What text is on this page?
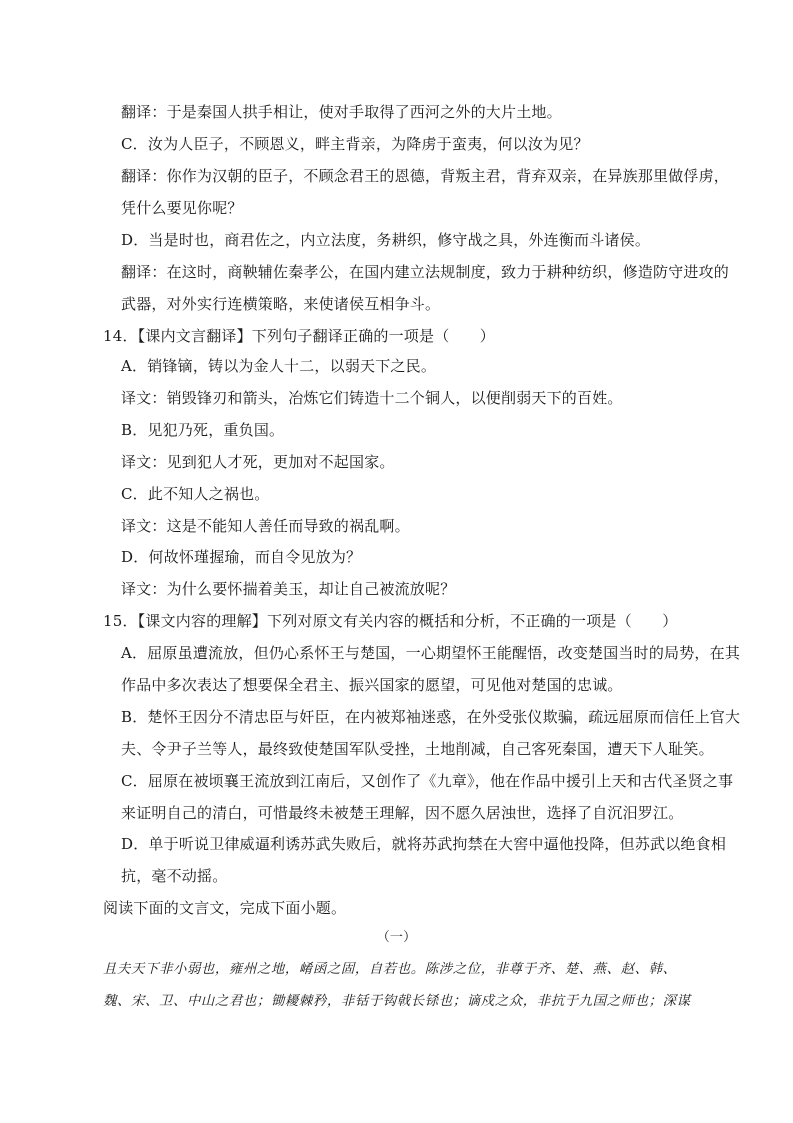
翻译：于是秦国人拱手相让，使对手取得了西河之外的大片土地。
C．汝为人臣子，不顾恩义，畔主背亲，为降虏于蛮夷，何以汝为见？
翻译：你作为汉朝的臣子，不顾念君王的恩德，背叛主君，背弃双亲，在异族那里做俘虏，
凭什么要见你呢？
D．当是时也，商君佐之，内立法度，务耕织，修守战之具，外连衡而斗诸侯。
翻译：在这时，商鞅辅佐秦孝公，在国内建立法规制度，致力于耕种纺织，修造防守进攻的
武器，对外实行连横策略，来使诸侯互相争斗。
14．【课内文言翻译】下列句子翻译正确的一项是（　　）
A．销锋镝，铸以为金人十二，以弱天下之民。
译文：销毁锋刃和箭头，冶炼它们铸造十二个铜人，以便削弱天下的百姓。
B．见犯乃死，重负国。
译文：见到犯人才死，更加对不起国家。
C．此不知人之祸也。
译文：这是不能知人善任而导致的祸乱啊。
D．何故怀瑾握瑜，而自令见放为？
译文：为什么要怀揣着美玉，却让自己被流放呢？
15．【课文内容的理解】下列对原文有关内容的概括和分析，不正确的一项是（　　）
A．屈原虽遭流放，但仍心系怀王与楚国，一心期望怀王能醒悟，改变楚国当时的局势，在其
作品中多次表达了想要保全君主、振兴国家的愿望，可见他对楚国的忠诚。
B．楚怀王因分不清忠臣与奸臣，在内被郑袖迷惑，在外受张仪欺骗，疏远屈原而信任上官大
夫、令尹子兰等人，最终致使楚国军队受挫，土地削减，自己客死秦国，遭天下人耻笑。
C．屈原在被顷襄王流放到江南后，又创作了《九章》，他在作品中援引上天和古代圣贤之事
来证明自己的清白，可惜最终未被楚王理解，因不愿久居浊世，选择了自沉汨罗江。
D．单于听说卫律威逼利诱苏武失败后，就将苏武拘禁在大窖中逼他投降，但苏武以绝食相
抗，毫不动摇。
阅读下面的文言文，完成下面小题。
（一）
且夫天下非小弱也，雍州之地，崤函之固，自若也。陈涉之位，非尊于齐、楚、燕、赵、韩、
魏、宋、卫、中山之君也；锄耰棘矜，非铦于钩戟长铩也；谪戍之众，非抗于九国之师也；深谋
